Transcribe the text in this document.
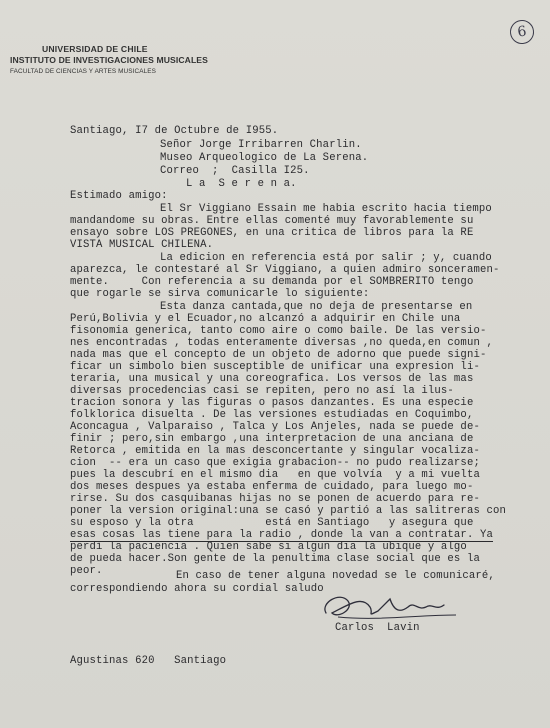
6
UNIVERSIDAD DE CHILE
INSTITUTO DE INVESTIGACIONES MUSICALES
FACULTAD DE CIENCIAS Y ARTES MUSICALES
Santiago, I7 de Octubre de I955.
Señor Jorge Irribarren Charlin.
Museo Arqueologico de La Serena.
Correo  ;  Casilla I25.
L a  S e r e n a.
Estimado amigo:
El Sr Viggiano Essain me habia escrito hacia tiempo
mandandome su obras. Entre ellas comenté muy favorablemente su
ensayo sobre LOS PREGONES, en una critica de libros para la RE
VISTA MUSICAL CHILENA.
La edicion en referencia está por salir ; y, cuando
aparezca, le contestaré al Sr Viggiano, a quien admiro sonceramen-
mente.     Con referencia a su demanda por el SOMBRERITO tengo
que rogarle se sirva comunicarle lo siguiente:
Esta danza cantada,que no deja de presentarse en
Perú,Bolivia y el Ecuador,no alcanzó a adquirir en Chile una
fisonomia generica, tanto como aire o como baile. De las versio-
nes encontradas , todas enteramente diversas ,no queda,en comun ,
nada mas que el concepto de un objeto de adorno que puede signi-
ficar un simbolo bien susceptible de unificar una expresion li-
teraria, una musical y una coreografica. Los versos de las mas
diversas procedencias casi se repiten, pero no así la ilus-
tracion sonora y las figuras o pasos danzantes. Es una especie
folklorica disuelta . De las versiones estudiadas en Coquimbo,
Aconcagua , Valparaiso , Talca y Los Anjeles, nada se puede de-
finir ; pero,sin embargo ,una interpretacion de una anciana de
Retorca , emitida en la mas desconcertante y singular vocaliza-
cion  -- era un caso que exigia grabacion-- no pudo realizarse;
pues la descubrí en el mismo dia   en que volvía  y a mi vuelta
dos meses despues ya estaba enferma de cuidado, para luego mo-
rirse. Su dos casquibanas hijas no se ponen de acuerdo para re-
poner la version original:una se casó y partió a las salitreras con
su esposo y la otra           está en Santiago   y asegura que
esas cosas las tiene para la radio , donde la van a contratar. Ya
perdí la paciencia . Quien sabe si algun dia la ubique y algo
de pueda hacer.Son gente de la penultima clase social que es la
peor.	En caso de tener alguna novedad se le comunicaré,
correspondiendo ahora su cordial saludo
Carlos  Lavin
Agustinas 620   Santiago
